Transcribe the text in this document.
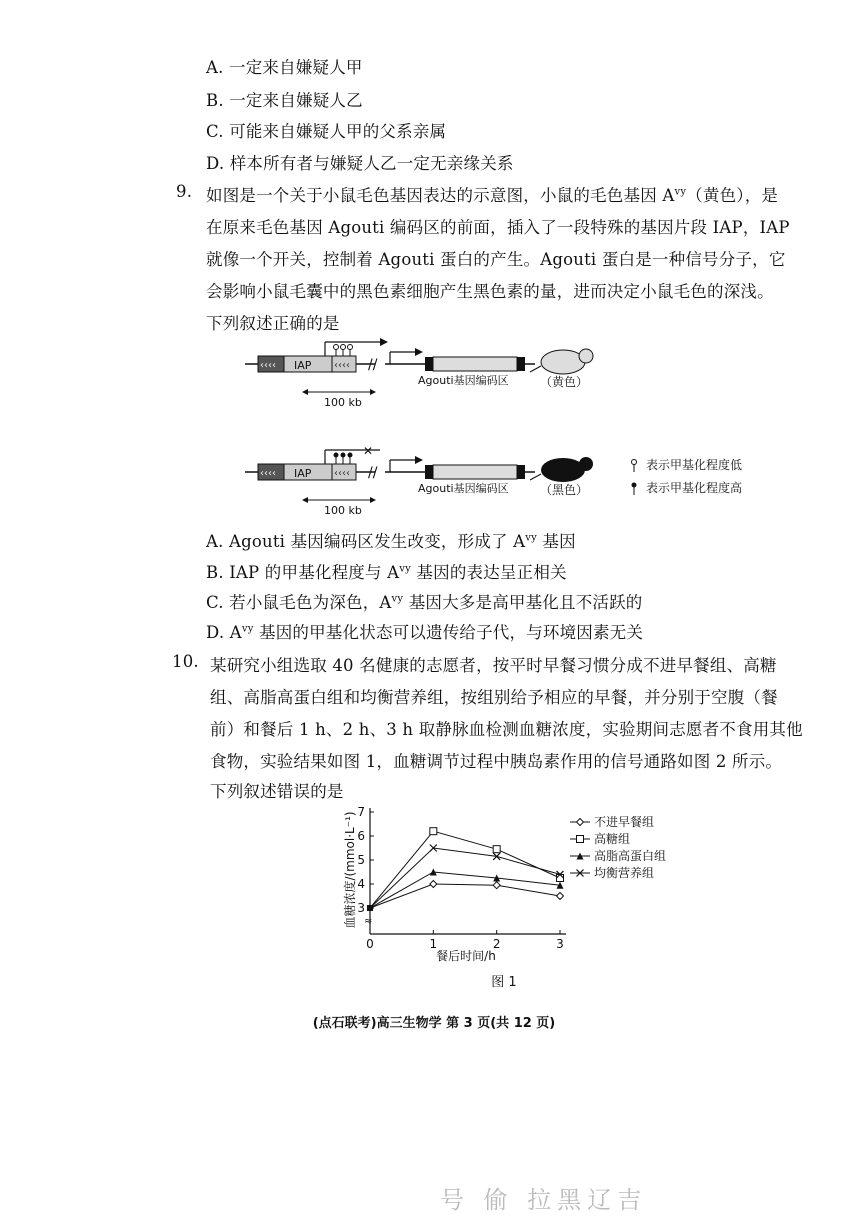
A. 一定来自嫌疑人甲
B. 一定来自嫌疑人乙
C. 可能来自嫌疑人甲的父系亲属
D. 样本所有者与嫌疑人乙一定无亲缘关系
9. 如图是一个关于小鼠毛色基因表达的示意图，小鼠的毛色基因 $A^{vy}$（黄色），是
在原来毛色基因 Agouti 编码区的前面，插入了一段特殊的基因片段 IAP，IAP
就像一个开关，控制着 Agouti 蛋白的产生。Agouti 蛋白是一种信号分子，它
会影响小鼠毛囊中的黑色素细胞产生黑色素的量，进而决定小鼠毛色的深浅。
下列叙述正确的是
‹‹‹‹ IAP ‹‹‹‹ //
Agouti基因编码区
100 kb
（黄色）
‹‹‹‹ IAP ‹‹‹‹
✕
//
Agouti基因编码区
100 kb
（黑色）
表示甲基化程度低
表示甲基化程度高
A. Agouti 基因编码区发生改变，形成了 $A^{vy}$ 基因
B. IAP 的甲基化程度与 $A^{vy}$ 基因的表达呈正相关
C. 若小鼠毛色为深色，$A^{vy}$ 基因大多是高甲基化且不活跃的
D. $A^{vy}$ 基因的甲基化状态可以遗传给子代，与环境因素无关
10. 某研究小组选取 40 名健康的志愿者，按平时早餐习惯分成不进早餐组、高糖
组、高脂高蛋白组和均衡营养组，按组别给予相应的早餐，并分别于空腹（餐
前）和餐后 1 h、2 h、3 h 取静脉血检测血糖浓度，实验期间志愿者不食用其他
食物，实验结果如图 1，血糖调节过程中胰岛素作用的信号通路如图 2 所示。
下列叙述错误的是
≈
3
4
5
6
7
0	1	2	3
不进早餐组
高糖组
高脂高蛋白组
均衡营养组
餐后时间/h
血糖浓度/(mmol·L⁻¹)
图 1
(点石联考)高三生物学 第 3 页(共 12 页)
号 偷 拉黑辽吉
